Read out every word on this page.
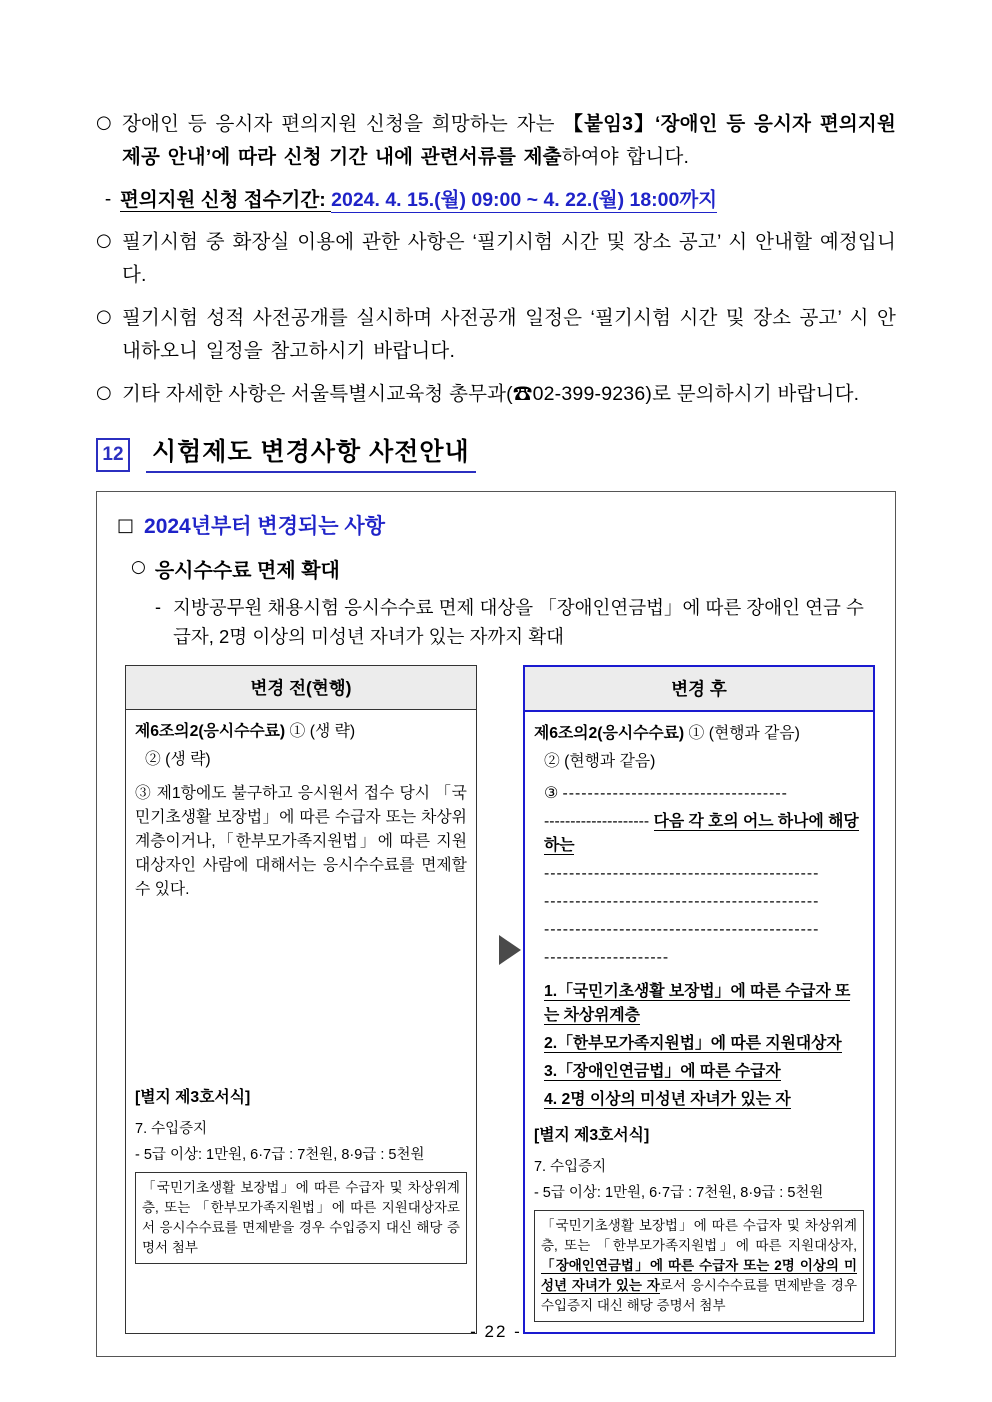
○ 장애인 등 응시자 편의지원 신청을 희망하는 자는 【붙임3】‘장애인 등 응시자 편의지원 제공 안내’에 따라 신청 기간 내에 관련서류를 제출하여야 합니다.
- 편의지원 신청 접수기간: 2024. 4. 15.(월) 09:00 ~ 4. 22.(월) 18:00까지
○ 필기시험 중 화장실 이용에 관한 사항은 ‘필기시험 시간 및 장소 공고’ 시 안내할 예정입니다.
○ 필기시험 성적 사전공개를 실시하며 사전공개 일정은 ‘필기시험 시간 및 장소 공고’ 시 안내하오니 일정을 참고하시기 바랍니다.
○ 기타 자세한 사항은 서울특별시교육청 총무과(☎02-399-9236)로 문의하시기 바랍니다.
12 시험제도 변경사항 사전안내
□ 2024년부터 변경되는 사항
○ 응시수수료 면제 확대
- 지방공무원 채용시험 응시수수료 면제 대상을 「장애인연금법」에 따른 장애인 연금 수급자, 2명 이상의 미성년 자녀가 있는 자까지 확대
변경 전(현행)

제6조의2(응시수수료) ① (생 략)

② (생 략)

③ 제1항에도 불구하고 응시원서 접수 당시 「국민기초생활 보장법」에 따른 수급자 또는 차상위 계층이거나,「한부모가족지원법」에 따른 지원대상자인 사람에 대해서는 응시수수료를 면제할 수 있다.

[별지 제3호서식]

7. 수입증지

- 5급 이상: 1만원, 6·7급 : 7천원, 8·9급 : 5천원

「국민기초생활 보장법」에 따른 수급자 및 차상위계층, 또는 「한부모가족지원법」에 따른 지원대상자로서 응시수수료를 면제받을 경우 수입증지 대신 해당 증명서 첨부
변경 후

제6조의2(응시수수료) ① (현행과 같음)

② (현행과 같음)

③ ------------------------------------

-------------------- 다음 각 호의 어느 하나에 해당하는

--------------------------------------------

--------------------------------------------

--------------------------------------------

--------------------

1.「국민기초생활 보장법」에 따른 수급자 또는 차상위계층

2.「한부모가족지원법」에 따른 지원대상자

3.「장애인연금법」에 따른 수급자

4. 2명 이상의 미성년 자녀가 있는 자

[별지 제3호서식]

7. 수입증지

- 5급 이상: 1만원, 6·7급 : 7천원, 8·9급 : 5천원

「국민기초생활 보장법」에 따른 수급자 및 차상위계층, 또는 「한부모가족지원법」에 따른 지원대상자, 「장애인연금법」에 따른 수급자 또는 2명 이상의 미성년 자녀가 있는 자로서 응시수수료를 면제받을 경우 수입증지 대신 해당 증명서 첨부
- 22 -
